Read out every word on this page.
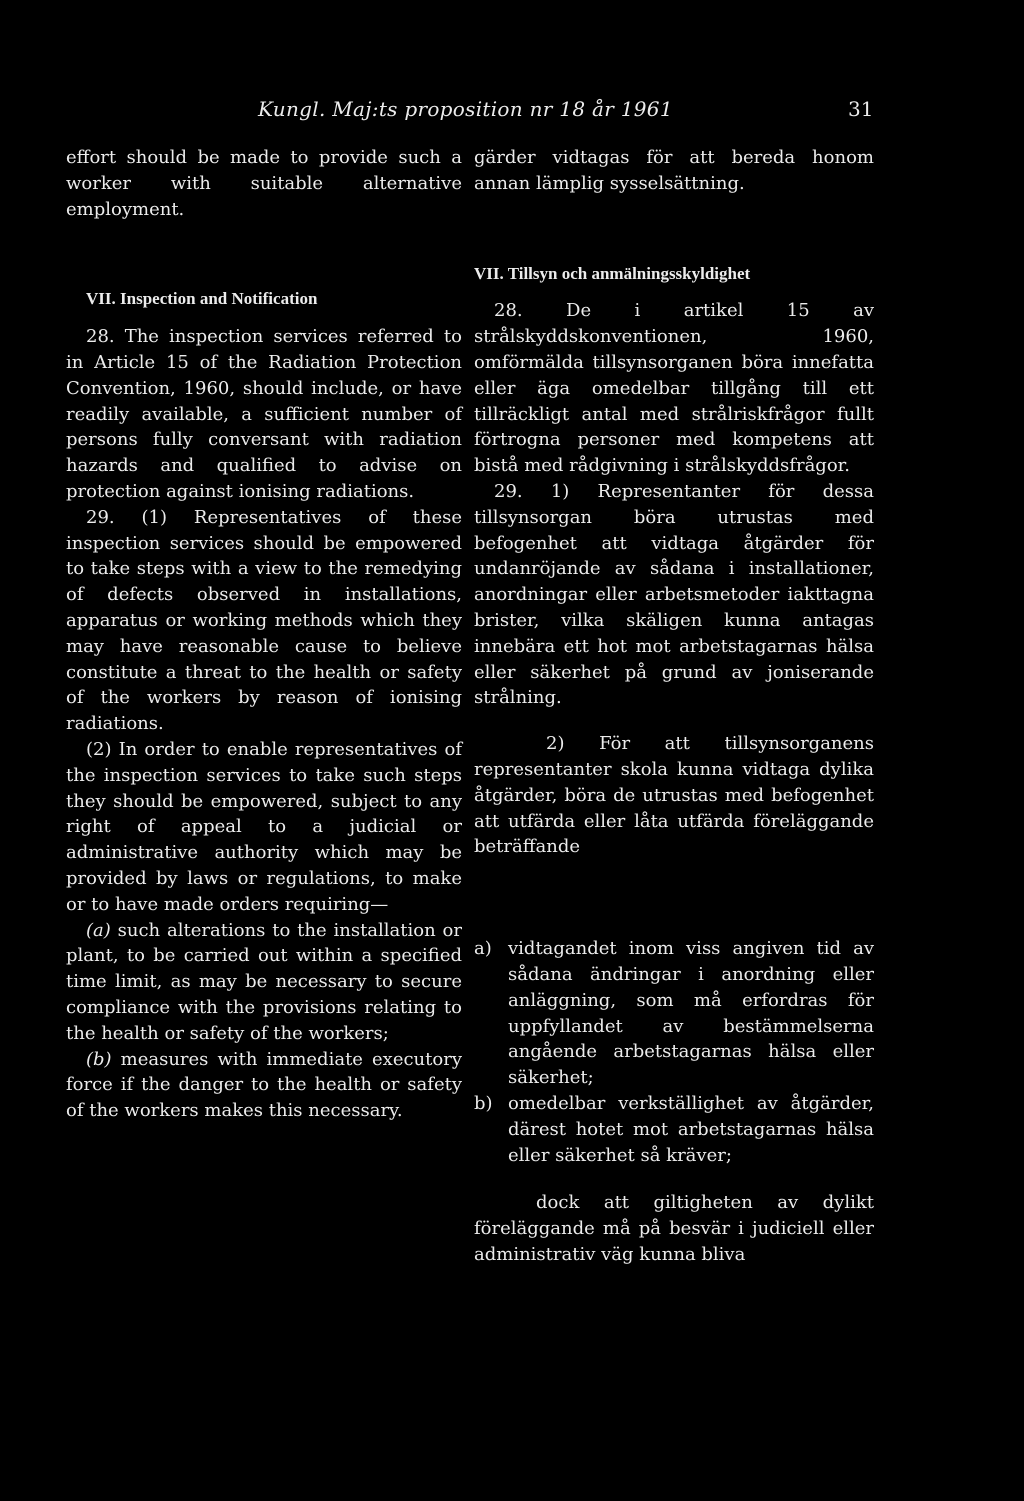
Kungl. Maj:ts proposition nr 18 år 1961	31

effort should be made to provide such a worker with suitable alternative employment.

VII. Inspection and Notification

28. The inspection services referred to in Article 15 of the Radiation Protection Convention, 1960, should include, or have readily available, a sufficient number of persons fully conversant with radiation hazards and qualified to advise on protection against ionising radiations.

29. (1) Representatives of these inspection services should be empowered to take steps with a view to the remedying of defects observed in installations, apparatus or working methods which they may have reasonable cause to believe constitute a threat to the health or safety of the workers by reason of ionising radiations.

(2) In order to enable representatives of the inspection services to take such steps they should be empowered, subject to any right of appeal to a judicial or administrative authority which may be provided by laws or regulations, to make or to have made orders requiring—

(a) such alterations to the installation or plant, to be carried out within a specified time limit, as may be necessary to secure compliance with the provisions relating to the health or safety of the workers;

(b) measures with immediate executory force if the danger to the health or safety of the workers makes this necessary.

gärder vidtagas för att bereda honom annan lämplig sysselsättning.

VII. Tillsyn och anmälningsskyldighet

28. De i artikel 15 av strålskyddskonventionen, 1960, omförmälda tillsynsorganen böra innefatta eller äga omedelbar tillgång till ett tillräckligt antal med strålriskfrågor fullt förtrogna personer med kompetens att bistå med rådgivning i strålskyddsfrågor.

29. 1) Representanter för dessa tillsynsorgan böra utrustas med befogenhet att vidtaga åtgärder för undanröjande av sådana i installationer, anordningar eller arbetsmetoder iakttagna brister, vilka skäligen kunna antagas innebära ett hot mot arbetstagarnas hälsa eller säkerhet på grund av joniserande strålning.

2) För att tillsynsorganens representanter skola kunna vidtaga dylika åtgärder, böra de utrustas med befogenhet att utfärda eller låta utfärda föreläggande beträffande

a) vidtagandet inom viss angiven tid av sådana ändringar i anordning eller anläggning, som må erfordras för uppfyllandet av bestämmelserna angående arbetstagarnas hälsa eller säkerhet;
b) omedelbar verkställighet av åtgärder, därest hotet mot arbetstagarnas hälsa eller säkerhet så kräver;

dock att giltigheten av dylikt föreläggande må på besvär i judiciell eller administrativ väg kunna bliva
